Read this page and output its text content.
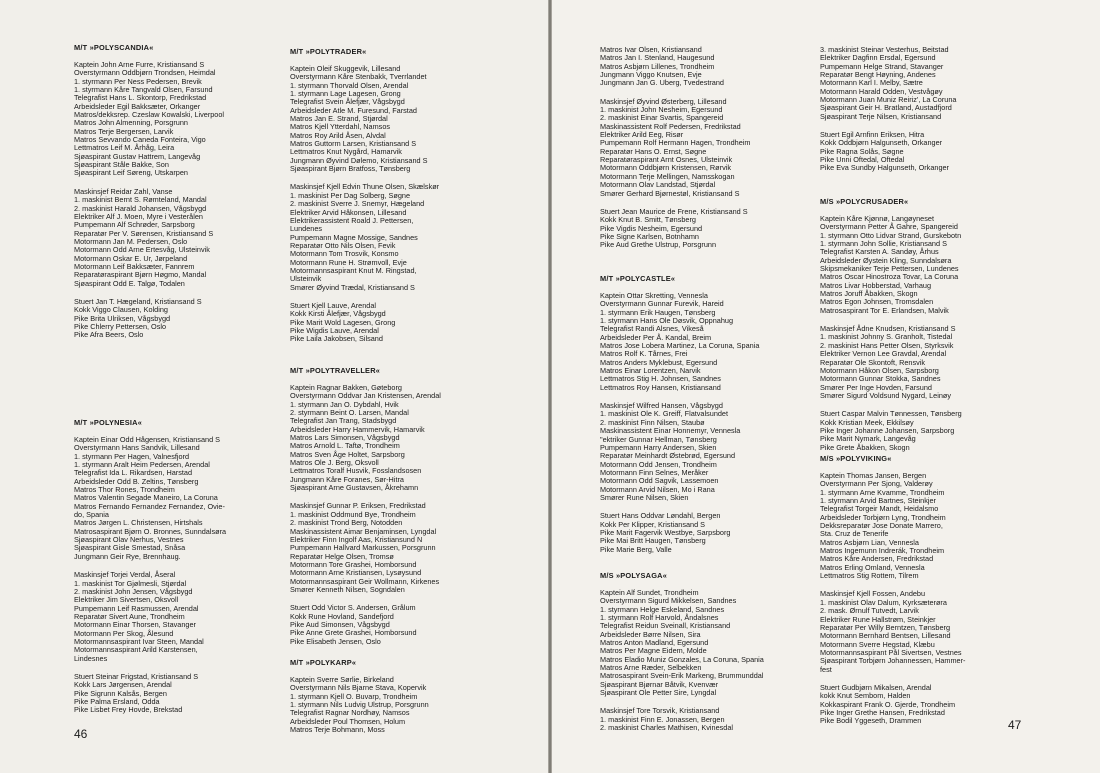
M/T »POLYSCANDIA«
Kaptein John Arne Furre, Kristiansand S
Overstyrmann Oddbjørn Trondsen, Heimdal
1. styrmann Per Ness Pedersen, Brevik
1. styrmann Kåre Tangvald Olsen, Farsund
Telegrafist Hans L. Skontorp, Fredrikstad
Arbeidsleder Egil Bakksæter, Orkanger
Matros/dekksrep. Czeslaw Kowalski, Liverpool
Matros John Almenning, Porsgrunn
Matros Terje Bergersen, Larvik
Matros Sevvando Caneda Fonteira, Vigo
Lettmatros Leif M. Århåg, Leira
Sjøaspirant Gustav Hattrem, Langevåg
Sjøaspirant Ståle Bakke, Son
Sjøaspirant Leif Søreng, Utskarpen
Maskinsjef Reidar Zahl, Vanse
1. maskinist Bernt S. Rømteland, Mandal
2. maskinist Harald Johansen, Vågsbygd
Elektriker Alf J. Moen, Myre i Vesterålen
Pumpemann Alf Schrøder, Sarpsborg
Reparatør Per V. Sørensen, Kristiansand S
Motormann Jan M. Pedersen, Oslo
Motormann Odd Arne Ertesvåg, Ulsteinvik
Motormann Oskar E. Ur, Jørpeland
Motormann Leif Bakksæter, Fannrem
Reparatøraspirant Bjørn Høgmo, Mandal
Sjøaspirant Odd E. Talgø, Todalen
Stuert Jan T. Hægeland, Kristiansand S
Kokk Viggo Clausen, Kolding
Pike Brita Ulriksen, Vågsbygd
Pike Chlerry Pettersen, Oslo
Pike Afra Beers, Oslo
M/T »POLYNESIA«
Kaptein Einar Odd Hågensen, Kristiansand S
Overstyrmann Hans Sandvik, Lillesand
1. styrmann Per Hagen, Valnesfjord
1. styrmann Aralt Heim Pedersen, Arendal
Telegrafist Ida L. Rikardsen, Harstad
Arbeidsleder Odd B. Zeltins, Tønsberg
Matros Thor Rones, Trondheim
Matros Valentin Segade Maneiro, La Coruna
Matros Fernando Fernandez Fernandez, Ovie-
do, Spania
Matros Jørgen L. Christensen, Hirtshals
Matrosaspirant Bjørn O. Bronnes, Sunndalsøra
Sjøaspirant Olav Nerhus, Vestnes
Sjøaspirant Gisle Smestad, Snåsa
Jungmann Geir Rye, Brennhaug.
Maskinsjef Torjei Verdal, Åseral
1. maskinist Tor Gjølmesli, Stjørdal
2. maskinist John Jensen, Vågsbygd
Elektriker Jim Sivertsen, Oksvoll
Pumpemann Leif Rasmussen, Arendal
Reparatør Sivert Aune, Trondheim
Motormann Einar Thorsen, Stavanger
Motormann Per Skog, Ålesund
Motormannsaspirant Ivar Steen, Mandal
Motormannsaspirant Arild Karstensen,
Lindesnes
Stuert Steinar Frigstad, Kristiansand S
Kokk Lars Jørgensen, Arendal
Pike Sigrunn Kalsås, Bergen
Pike Palma Ersland, Odda
Pike Lisbet Frey Hovde, Brekstad
M/T »POLYTRADER«
Kaptein Oleif Skuggevik, Lillesand
Overstyrmann Kåre Stenbakk, Tverrlandet
1. styrmann Thorvald Olsen, Arendal
1. styrmann Lage Lagesen, Grong
Telegrafist Svein Ålefjær, Vågsbygd
Arbeidsleder Atle M. Furesund, Farstad
Matros Jan E. Strand, Stjørdal
Matros Kjell Ytterdahl, Namsos
Matros Roy Arild Åsen, Alvdal
Matros Guttorm Larsen, Kristiansand S
Lettmatros Knut Nygård, Hamarvik
Jungmann Øyvind Dølemo, Kristiansand S
Sjøaspirant Bjørn Bratfoss, Tønsberg
Maskinsjef Kjell Edvin Thune Olsen, Skælskør
1. maskinist Per Dag Solberg, Søgne
2. maskinist Sverre J. Snemyr, Hægeland
Elektriker Arvid Håkonsen, Lillesand
Elektrikerassistent Roald J. Pettersen,
Lundenes
Pumpemann Magne Mossige, Sandnes
Reparatør Otto Nils Olsen, Fevik
Motormann Tom Trosvik, Konsmo
Motormann Rune H. Strømvoll, Evje
Motormannsaspirant Knut M. Ringstad,
Ulsteinvik
Smører Øyvind Trædal, Kristiansand S
Stuert Kjell Lauve, Arendal
Kokk Kirsti Ålefjær, Vågsbygd
Pike Marit Wold Lagesen, Grong
Pike Wigdis Lauve, Arendal
Pike Laila Jakobsen, Silsand
M/T »POLYTRAVELLER«
Kaptein Ragnar Bakken, Gøteborg
Overstyrmann Oddvar Jan Kristensen, Arendal
1. styrmann Jan O. Dybdahl, Hvik
2. styrmann Beint O. Larsen, Mandal
Telegrafist Jan Trang, Stadsbygd
Arbeidsleder Harry Hammervik, Hamarvik
Matros Lars Simonsen, Vågsbygd
Matros Arnold L. Taftø, Trondheim
Matros Sven Åge Holtet, Sarpsborg
Matros Ole J. Berg, Oksvoll
Lettmatros Toralf Husvik, Fosslandsosen
Jungmann Kåre Foranes, Sør-Hitra
Sjøaspirant Arne Gustavsen, Åkrehamn
Maskinsjef Gunnar P. Eriksen, Fredrikstad
1. maskinist Oddmund Bye, Trondheim
2. maskinist Trond Berg, Notodden
Maskinassistent Aimar Benjaminsen, Lyngdal
Elektriker Finn Ingolf Aas, Kristiansund N
Pumpemann Hallvard Markussen, Porsgrunn
Reparatør Helge Olsen, Tromsø
Motormann Tore Grashei, Homborsund
Motormann Arne Kristiansen, Lysøysund
Motormannsaspirant Geir Wollmann, Kirkenes
Smører Kenneth Nilsen, Sogndalen
Stuert Odd Victor S. Andersen, Grålum
Kokk Rune Hovland, Sandefjord
Pike Aud Simonsen, Vågsbygd
Pike Anne Grete Grashei, Homborsund
Pike Elisabeth Jensen, Oslo
M/T »POLYKARP«
Kaptein Sverre Sørlie, Birkeland
Overstyrmann Nils Bjarne Stava, Kopervik
1. styrmann Kjell O. Buvarp, Trondheim
1. styrmann Nils Ludvig Ulstrup, Porsgrunn
Telegrafist Ragnar Nordhøy, Namsos
Arbeidsleder Poul Thomsen, Holum
Matros Terje Bohmann, Moss
46
Matros Ivar Olsen, Kristiansand
Matros Jan I. Stenland, Haugesund
Matros Asbjørn Lillenes, Trondheim
Jungmann Viggo Knutsen, Evje
Jungmann Jan G. Uberg, Tvedestrand
Maskinsjef Øyvind Østerberg, Lillesand
1. maskinist John Nesheim, Egersund
2. maskinist Einar Svartis, Spangereid
Maskinassistent Rolf Pedersen, Fredrikstad
Elektriker Arild Eeg, Risør
Pumpemann Rolf Hermann Hagen, Trondheim
Reparatør Hans O. Ernst, Søgne
Reparatøraspirant Arnt Osnes, Ulsteinvik
Motormann Oddbjørn Kristensen, Rørvik
Motormann Terje Mellingen, Namsskogan
Motormann Olav Landstad, Stjørdal
Smører Gerhard Bjørnestøl, Kristiansand S
Stuert Jean Maurice de Frene, Kristiansand S
Kokk Knut B. Smitt, Tønsberg
Pike Vigdis Nesheim, Egersund
Pike Signe Karlsen, Botnhamn
Pike Aud Grethe Ulstrup, Porsgrunn
M/T »POLYCASTLE«
Kaptein Ottar Skretting, Vennesla
Overstyrmann Gunnar Furevik, Hareid
1. styrmann Erik Haugen, Tønsberg
1. styrmann Hans Ole Døsvik, Oppnahug
Telegrafist Randi Alsnes, Vikeså
Arbeidsleder Per Å. Kandal, Breim
Matros Jose Lobera Martinez, La Coruna, Spania
Matros Rolf K. Tårnes, Frei
Matros Anders Myklebust, Egersund
Matros Einar Lorentzen, Narvik
Lettmatros Stig H. Johnsen, Sandnes
Lettmatros Roy Hansen, Kristiansand
Maskinsjef Wilfred Hansen, Vågsbygd
1. maskinist Ole K. Greiff, Flatvalsundet
2. maskinist Finn Nilsen, Staubø
Maskinassistent Einar Honnemyr, Vennesla
"ektriker Gunnar Hellman, Tønsberg
Pumpemann Harry Andersen, Skien
Reparatør Meinhardt Østebrød, Egersund
Motormann Odd Jensen, Trondheim
Motormann Finn Selnes, Meråker
Motormann Odd Sagvik, Lassemoen
Motormann Arvid Nilsen, Mo i Rana
Smører Rune Nilsen, Skien
Stuert Hans Oddvar Løndahl, Bergen
Kokk Per Klipper, Kristiansand S
Pike Marit Fagervik Westbye, Sarpsborg
Pike Mai Britt Haugen, Tønsberg
Pike Marie Berg, Valle
M/S »POLYSAGA«
Kaptein Alf Sundet, Trondheim
Overstyrmann Sigurd Mikkelsen, Sandnes
1. styrmann Helge Eskeland, Sandnes
1. styrmann Rolf Harvold, Åndalsnes
Telegrafist Reidun Sveinall, Kristiansand
Arbeidsleder Børre Nilsen, Sira
Matros Anton Madland, Egersund
Matros Per Magne Eidem, Molde
Matros Eladio Muniz Gonzales, La Coruna, Spania
Matros Arne Ræder, Selbekken
Matrosaspirant Svein-Erik Markeng, Brummunddal
Sjøaspirant Bjørnar Båtvik, Kvenvær
Sjøaspirant Ole Petter Sire, Lyngdal
Maskinsjef Tore Torsvik, Kristiansand
1. maskinist Finn E. Jonassen, Bergen
2. maskinist Charles Mathisen, Kvinesdal
3. maskinist Steinar Vesterhus, Beitstad
Elektriker Dagfinn Ersdal, Egersund
Pumpemann Helge Strand, Stavanger
Reparatør Bengt Høyning, Andenes
Motormann Karl I. Melby, Sætre
Motormann Harald Odden, Vestvågøy
Motormann Juan Muniz Reiriz', La Coruna
Sjøaspirant Geir H. Bratland, Austadfjord
Sjøaspirant Terje Nilsen, Kristiansand
Stuert Egil Arnfinn Eriksen, Hitra
Kokk Oddbjørn Halgunseth, Orkanger
Pike Ragna Solås, Søgne
Pike Unni Oftedal, Oftedal
Pike Eva Sundby Halgunseth, Orkanger
M/S »POLYCRUSADER«
Kaptein Kåre Kjønnø, Langøyneset
Overstyrmann Petter Å Gahre, Spangereid
1. styrmann Otto Lidvar Strand, Gurskebotn
1. styrmann John Sollie, Kristiansand S
Telegrafist Karsten A. Sandøy, Århus
Arbeidsleder Øystein Kling, Sunndalsøra
Skipsmekaniker Terje Pettersen, Lundenes
Matros Oscar Hinostroza Tovar, La Coruna
Matros Livar Hobberstad, Varhaug
Matros Joruff Åbakken, Skogn
Matros Egon Johnsen, Tromsdalen
Matrosaspirant Tor E. Erlandsen, Malvik
Maskinsjef Ådne Knudsen, Kristiansand S
1. maskinist Johnny S. Granholt, Tistedal
2. maskinist Hans Petter Olsen, Styrksvik
Elektriker Vernon Lee Gravdal, Arendal
Reparatør Ole Skontoft, Rensvik
Motormann Håkon Olsen, Sarpsborg
Motormann Gunnar Stokka, Sandnes
Smører Per Inge Hovden, Farsund
Smører Sigurd Voldsund Nygard, Leinøy
Stuert Caspar Malvin Tønnessen, Tønsberg
Kokk Kristian Meek, Ekkilsøy
Pike Inger Johanne Johansen, Sarpsborg
Pike Marit Nymark, Langevåg
Pike Grete Åbakken, Skogn
M/S »POLYVIKING«
Kaptein Thomas Jansen, Bergen
Overstyrmann Per Sjong, Valderøy
1. styrmann Arne Kvamme, Trondheim
1. styrmann Arvid Bartnes, Steinkjer
Telegrafist Torgeir Mandt, Heidalsmo
Arbeidsleder Torbjørn Lyng, Trondheim
Dekksreparatør Jose Donate Marrero,
Sta. Cruz de Tenerife
Matros Asbjørn Lian, Vennesla
Matros Ingemunn Indrerák, Trondheim
Matros Kåre Andersen, Fredrikstad
Matros Erling Omland, Vennesla
Lettmatros Stig Rottem, Tilrem
Maskinsjef Kjell Fossen, Andebu
1. maskinist Olav Dalum, Kyrksæterøra
2. mask. Ørnulf Tutvedt, Larvik
Elektriker Rune Hallstrøm, Steinkjer
Reparatør Per Willy Berntzen, Tønsberg
Motormann Bernhard Bentsen, Lillesand
Motormann Sverre Hegstad, Klæbu
Motormannsaspirant Pål Sivertsen, Vestnes
Sjøaspirant Torbjørn Johannessen, Hammer-
fest
Stuert Gudbjørn Mikalsen, Arendal
kokk Knut Sembom, Halden
Kokkaspirant Frank O. Gjerde, Trondheim
Pike Inger Grethe Hansen, Fredrikstad
Pike Bodil Yggeseth, Drammen	47
